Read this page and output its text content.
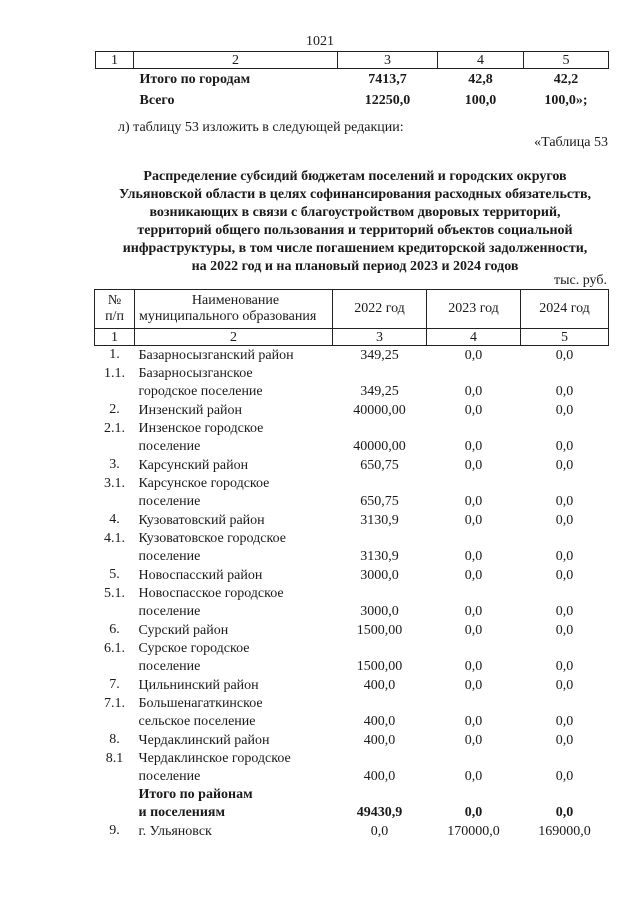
1021
1	2	3	4	5
	Итого по городам	7413,7	42,8	42,2
	Всего	12250,0	100,0	100,0»;
л) таблицу 53 изложить в следующей редакции:
«Таблица 53
Распределение субсидий бюджетам поселений и городских округов
Ульяновской области в целях софинансирования расходных обязательств,
возникающих в связи с благоустройством дворовых территорий,
территорий общего пользования и территорий объектов социальной
инфраструктуры, в том числе погашением кредиторской задолженности,
на 2022 год и на плановый период 2023 и 2024 годов
тыс. руб.
№
п/п	Наименование
муниципального образования	2022 год	2023 год	2024 год
1	2	3	4	5
1.	Базарносызганский район	349,25	0,0	0,0
1.1.	Базарносызганское
городское поселение	349,25	0,0	0,0
2.	Инзенский район	40000,00	0,0	0,0
2.1.	Инзенское городское
поселение	40000,00	0,0	0,0
3.	Карсунский район	650,75	0,0	0,0
3.1.	Карсунское городское
поселение	650,75	0,0	0,0
4.	Кузоватовский район	3130,9	0,0	0,0
4.1.	Кузоватовское городское
поселение	3130,9	0,0	0,0
5.	Новоспасский район	3000,0	0,0	0,0
5.1.	Новоспасское городское
поселение	3000,0	0,0	0,0
6.	Сурский район	1500,00	0,0	0,0
6.1.	Сурское городское
поселение	1500,00	0,0	0,0
7.	Цильнинский район	400,0	0,0	0,0
7.1.	Большенагаткинское
сельское поселение	400,0	0,0	0,0
8.	Чердаклинский район	400,0	0,0	0,0
8.1	Чердаклинское городское
поселение	400,0	0,0	0,0

	Итого по районам
и поселениям	49430,9	0,0	0,0
9.	г. Ульяновск	0,0	170000,0	169000,0
